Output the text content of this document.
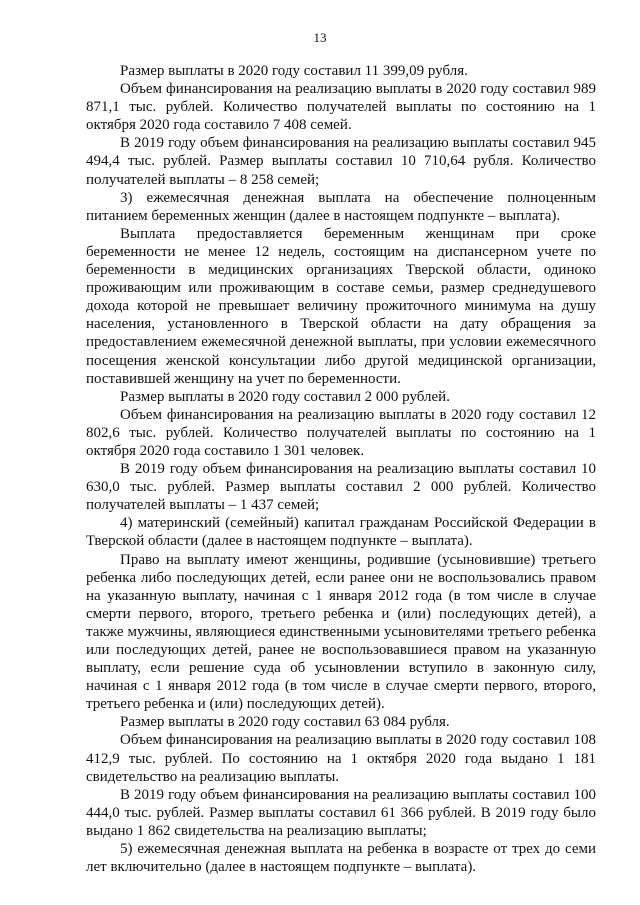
13

Размер выплаты в 2020 году составил 11 399,09 рубля.

Объем финансирования на реализацию выплаты в 2020 году составил 989 871,1 тыс. рублей. Количество получателей выплаты по состоянию на 1 октября 2020 года составило 7 408 семей.

В 2019 году объем финансирования на реализацию выплаты составил 945 494,4 тыс. рублей. Размер выплаты составил 10 710,64 рубля. Количество получателей выплаты – 8 258 семей;

3) ежемесячная денежная выплата на обеспечение полноценным питанием беременных женщин (далее в настоящем подпункте – выплата).

Выплата предоставляется беременным женщинам при сроке беременности не менее 12 недель, состоящим на диспансерном учете по беременности в медицинских организациях Тверской области, одиноко проживающим или проживающим в составе семьи, размер среднедушевого дохода которой не превышает величину прожиточного минимума на душу населения, установленного в Тверской области на дату обращения за предоставлением ежемесячной денежной выплаты, при условии ежемесячного посещения женской консультации либо другой медицинской организации, поставившей женщину на учет по беременности.

Размер выплаты в 2020 году составил 2 000 рублей.

Объем финансирования на реализацию выплаты в 2020 году составил 12 802,6 тыс. рублей. Количество получателей выплаты по состоянию на 1 октября 2020 года составило 1 301 человек.

В 2019 году объем финансирования на реализацию выплаты составил 10 630,0 тыс. рублей. Размер выплаты составил 2 000 рублей. Количество получателей выплаты – 1 437 семей;

4) материнский (семейный) капитал гражданам Российской Федерации в Тверской области (далее в настоящем подпункте – выплата).

Право на выплату имеют женщины, родившие (усыновившие) третьего ребенка либо последующих детей, если ранее они не воспользовались правом на указанную выплату, начиная с 1 января 2012 года (в том числе в случае смерти первого, второго, третьего ребенка и (или) последующих детей), а также мужчины, являющиеся единственными усыновителями третьего ребенка или последующих детей, ранее не воспользовавшиеся правом на указанную выплату, если решение суда об усыновлении вступило в законную силу, начиная с 1 января 2012 года (в том числе в случае смерти первого, второго, третьего ребенка и (или) последующих детей).

Размер выплаты в 2020 году составил 63 084 рубля.

Объем финансирования на реализацию выплаты в 2020 году составил 108 412,9 тыс. рублей. По состоянию на 1 октября 2020 года выдано 1 181 свидетельство на реализацию выплаты.

В 2019 году объем финансирования на реализацию выплаты составил 100 444,0 тыс. рублей. Размер выплаты составил 61 366 рублей. В 2019 году было выдано 1 862 свидетельства на реализацию выплаты;

5) ежемесячная денежная выплата на ребенка в возрасте от трех до семи лет включительно (далее в настоящем подпункте – выплата).
